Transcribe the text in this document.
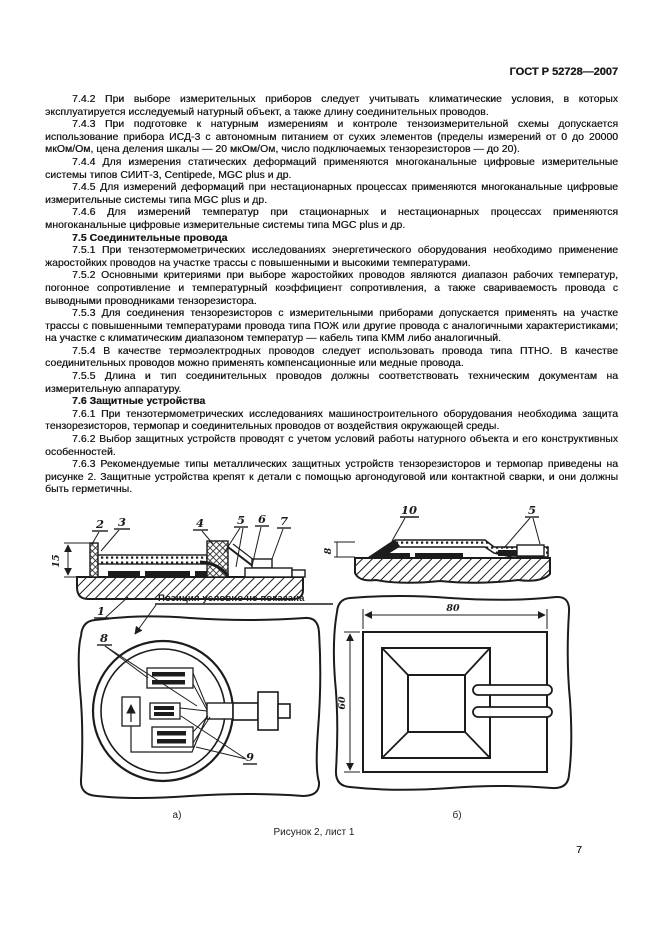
ГОСТ Р 52728—2007

7.4.2 При выборе измерительных приборов следует учитывать климатические условия, в которых эксплуатируется исследуемый натурный объект, а также длину соединительных проводов.

7.4.3 При подготовке к натурным измерениям и контроле тензоизмерительной схемы допускается использование прибора ИСД-3 с автономным питанием от сухих элементов (пределы измерений от 0 до 20000 мкОм/Ом, цена деления шкалы — 20 мкОм/Ом, число подключаемых тензорезисторов — до 20).

7.4.4 Для измерения статических деформаций применяются многоканальные цифровые измерительные системы типов СИИТ-3, Centipede, MGC plus и др.

7.4.5 Для измерений деформаций при нестационарных процессах применяются многоканальные цифровые измерительные системы типа MGC plus и др.

7.4.6 Для измерений температур при стационарных и нестационарных процессах применяются многоканальные цифровые измерительные системы типа MGC plus и др.

7.5 Соединительные провода

7.5.1 При тензотермометрических исследованиях энергетического оборудования необходимо применение жаростойких проводов на участке трассы с повышенными и высокими температурами.

7.5.2 Основными критериями при выборе жаростойких проводов являются диапазон рабочих температур, погонное сопротивление и температурный коэффициент сопротивления, а также свариваемость провода с выводными проводниками тензорезистора.

7.5.3 Для соединения тензорезисторов с измерительными приборами допускается применять на участке трассы с повышенными температурами провода типа ПОЖ или другие провода с аналогичными характеристиками; на участке с климатическим диапазоном температур — кабель типа КММ либо аналогичный.

7.5.4 В качестве термоэлектродных проводов следует использовать провода типа ПТНО. В качестве соединительных проводов можно применять компенсационные или медные провода.

7.5.5 Длина и тип соединительных проводов должны соответствовать техническим документам на измерительную аппаратуру.

7.6 Защитные устройства

7.6.1 При тензотермометрических исследованиях машиностроительного оборудования необходима защита тензорезисторов, термопар и соединительных проводов от воздействия окружающей среды.

7.6.2 Выбор защитных устройств проводят с учетом условий работы натурного объекта и его конструктивных особенностей.

7.6.3 Рекомендуемые типы металлических защитных устройств тензорезисторов и термопар приведены на рисунке 2. Защитные устройства крепят к детали с помощью аргонодуговой или контактной сварки, и они должны быть герметичны.

15
2 3	4	5 6 7
1
Позиция условно не показана
8
10	5
8
9
а)
80
60
б)
Рисунок 2, лист 1
7
